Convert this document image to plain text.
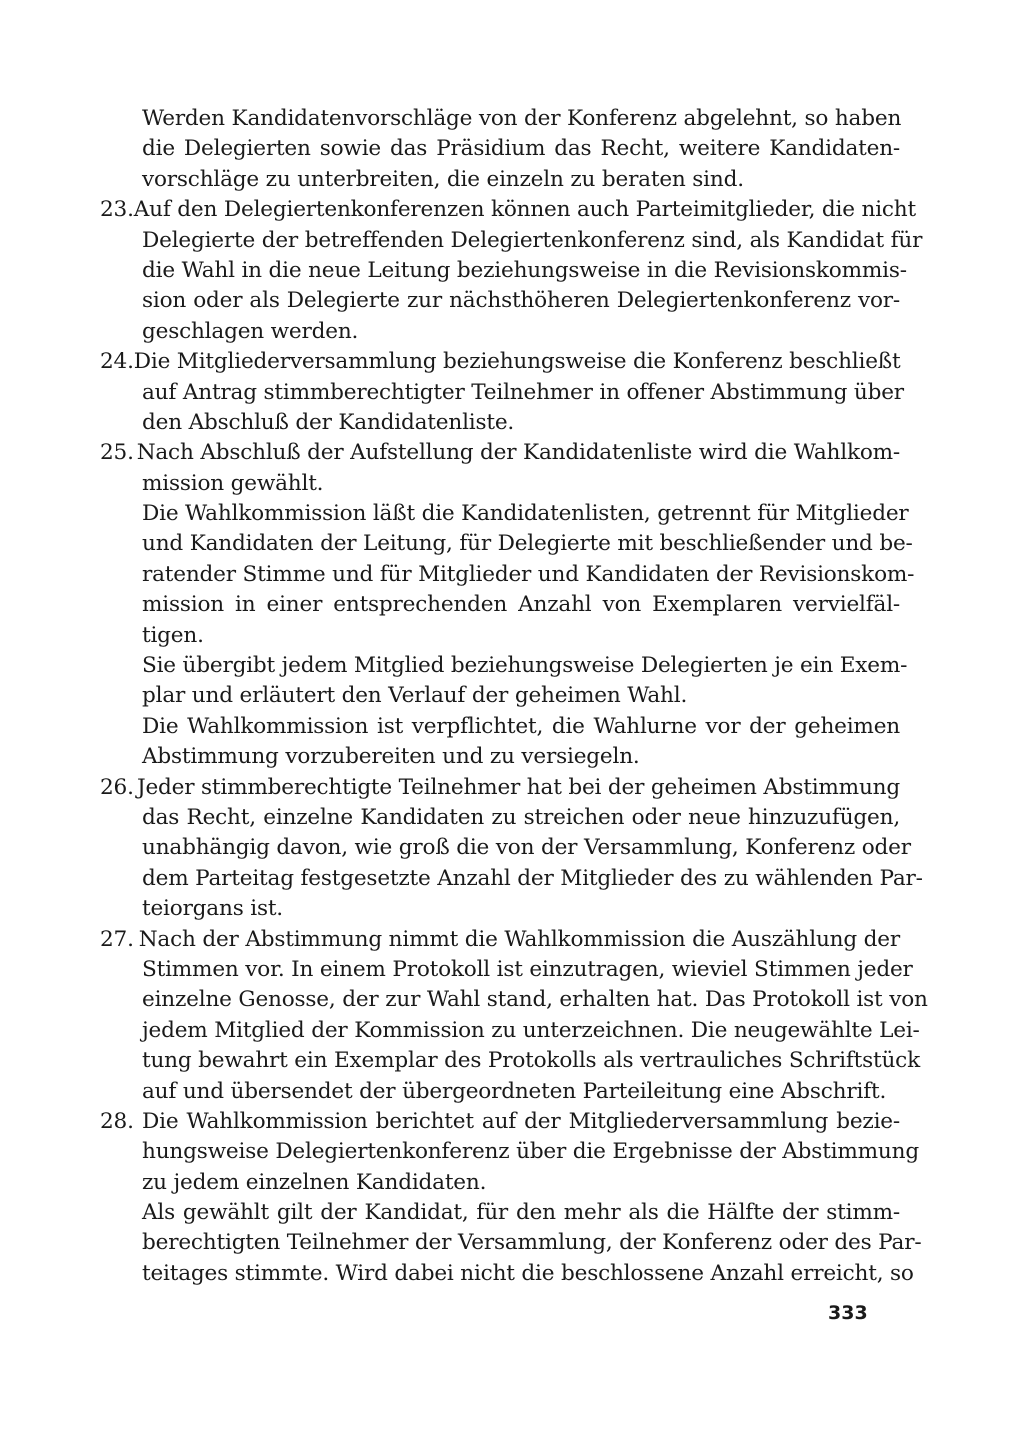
Werden Kandidatenvorschläge von der Konferenz abgelehnt, so haben
die Delegierten sowie das Präsidium das Recht, weitere Kandidaten-
vorschläge zu unterbreiten, die einzeln zu beraten sind.
23. Auf den Delegiertenkonferenzen können auch Parteimitglieder, die nicht
Delegierte der betreffenden Delegiertenkonferenz sind, als Kandidat für
die Wahl in die neue Leitung beziehungsweise in die Revisionskommis-
sion oder als Delegierte zur nächsthöheren Delegiertenkonferenz vor-
geschlagen werden.
24. Die Mitgliederversammlung beziehungsweise die Konferenz beschließt
auf Antrag stimmberechtigter Teilnehmer in offener Abstimmung über
den Abschluß der Kandidatenliste.
25. Nach Abschluß der Aufstellung der Kandidatenliste wird die Wahlkom-
mission gewählt.
Die Wahlkommission läßt die Kandidatenlisten, getrennt für Mitglieder
und Kandidaten der Leitung, für Delegierte mit beschließender und be-
ratender Stimme und für Mitglieder und Kandidaten der Revisionskom-
mission in einer entsprechenden Anzahl von Exemplaren vervielfäl-
tigen.
Sie übergibt jedem Mitglied beziehungsweise Delegierten je ein Exem-
plar und erläutert den Verlauf der geheimen Wahl.
Die Wahlkommission ist verpflichtet, die Wahlurne vor der geheimen
Abstimmung vorzubereiten und zu versiegeln.
26. Jeder stimmberechtigte Teilnehmer hat bei der geheimen Abstimmung
das Recht, einzelne Kandidaten zu streichen oder neue hinzuzufügen,
unabhängig davon, wie groß die von der Versammlung, Konferenz oder
dem Parteitag festgesetzte Anzahl der Mitglieder des zu wählenden Par-
teiorgans ist.
27. Nach der Abstimmung nimmt die Wahlkommission die Auszählung der
Stimmen vor. In einem Protokoll ist einzutragen, wieviel Stimmen jeder
einzelne Genosse, der zur Wahl stand, erhalten hat. Das Protokoll ist von
jedem Mitglied der Kommission zu unterzeichnen. Die neugewählte Lei-
tung bewahrt ein Exemplar des Protokolls als vertrauliches Schriftstück
auf und übersendet der übergeordneten Parteileitung eine Abschrift.
28. Die Wahlkommission berichtet auf der Mitgliederversammlung bezie-
hungsweise Delegiertenkonferenz über die Ergebnisse der Abstimmung
zu jedem einzelnen Kandidaten.
Als gewählt gilt der Kandidat, für den mehr als die Hälfte der stimm-
berechtigten Teilnehmer der Versammlung, der Konferenz oder des Par-
teitages stimmte. Wird dabei nicht die beschlossene Anzahl erreicht, so
333
